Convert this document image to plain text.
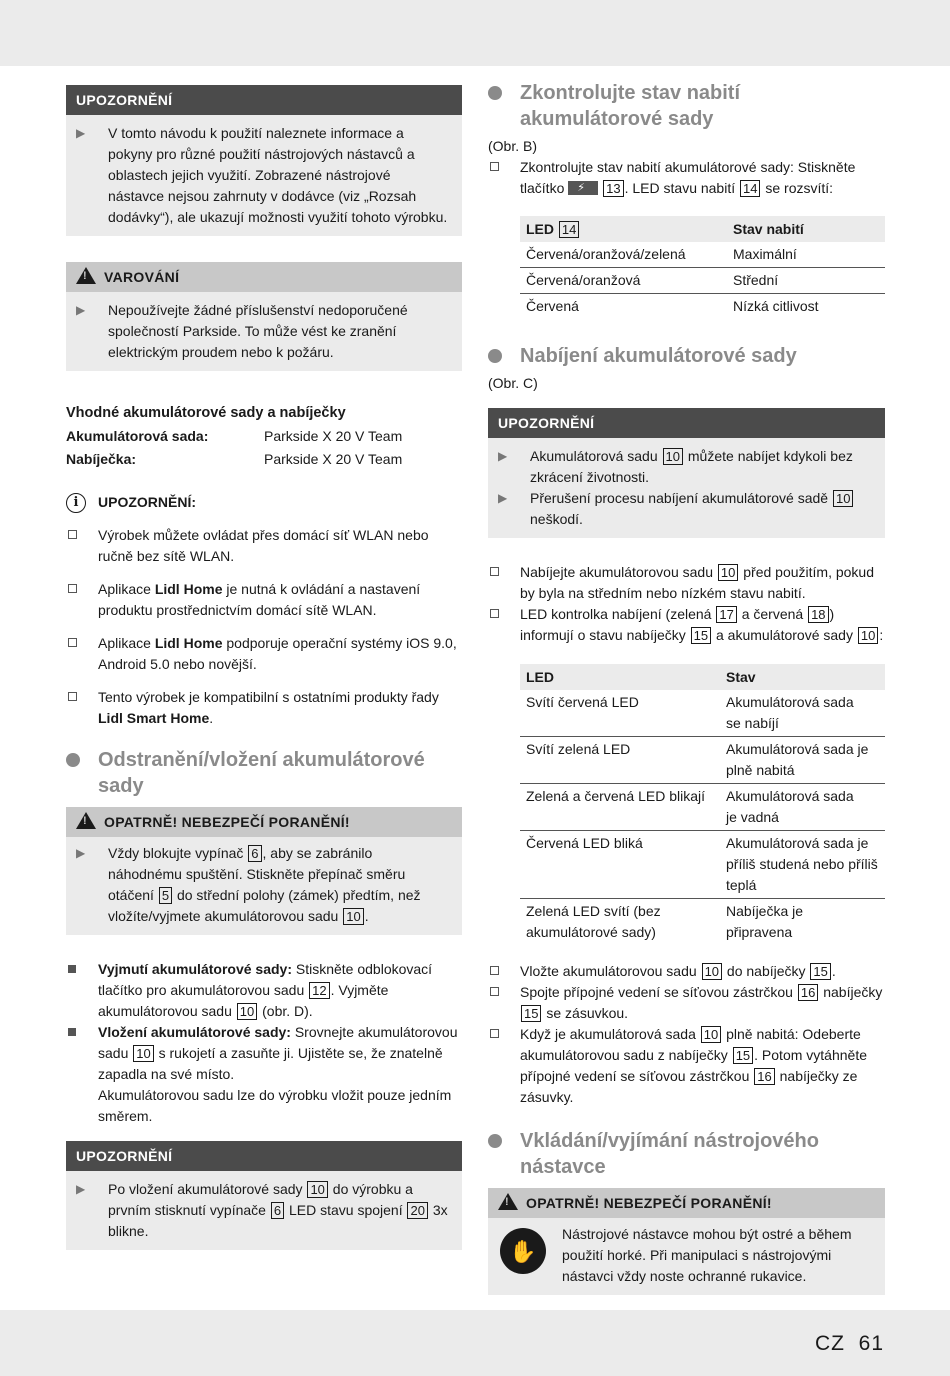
UPOZORNĚNÍ
▶	V tomto návodu k použití naleznete informace a pokyny pro různé použití nástrojových nástavců a oblastech jejich využití. Zobrazené nástrojové nástavce nejsou zahrnuty v dodávce (viz „Rozsah dodávky“), ale ukazují možnosti využití tohoto výrobku.
!VAROVÁNÍ
▶	Nepoužívejte žádné příslušenství nedoporučené společností Parkside. To může vést ke zranění elektrickým proudem nebo k požáru.
Vhodné akumulátorové sady a nabíječky
Akumulátorová sada:	Parkside X 20 V Team
Nabíječka:	Parkside X 20 V Team
i	UPOZORNĚNÍ:
Výrobek můžete ovládat přes domácí síť WLAN nebo ručně bez sítě WLAN.
Aplikace Lidl Home je nutná k ovládání a nastavení produktu prostřednictvím domácí sítě WLAN.
Aplikace Lidl Home podporuje operační systémy iOS 9.0, Android 5.0 nebo novější.
Tento výrobek je kompatibilní s ostatními produkty řady Lidl Smart Home.
Odstranění/vložení akumulátorové sady
!OPATRNĚ! NEBEZPEČÍ PORANĚNÍ!
▶	Vždy blokujte vypínač 6 , aby se zabránilo náhodnému spuštění. Stiskněte přepínač směru otáčení 5 do střední polohy (zámek) předtím, než vložíte/vyjmete akumulátorovou sadu 10 .
Vyjmutí akumulátorové sady: Stiskněte odblokovací tlačítko pro akumulátorovou sadu 12 . Vyjměte akumulátorovou sadu 10 (obr. D).
Vložení akumulátorové sady: Srovnejte akumulátorovou sadu 10 s rukojetí a zasuňte ji. Ujistěte se, že znatelně zapadla na své místo.
Akumulátorovou sadu lze do výrobku vložit pouze jedním směrem.
UPOZORNĚNÍ
▶	Po vložení akumulátorové sady 10 do výrobku a prvním stisknutí vypínače 6 LED stavu spojení 20 3x blikne.
Zkontrolujte stav nabití akumulátorové sady
(Obr. B)
Zkontrolujte stav nabití akumulátorové sady: Stiskněte tlačítko ⚡	13 . LED stavu nabití 14 se rozsvítí:
LED 14	Stav nabití
Červená/oranžová/zelená	Maximální
Červená/oranžová	Střední
Červená	Nízká citlivost
Nabíjení akumulátorové sady
(Obr. C)
UPOZORNĚNÍ
▶	Akumulátorová sadu 10 můžete nabíjet kdykoli bez zkrácení životnosti.
▶	Přerušení procesu nabíjení akumulátorové sadě 10 neškodí.
Nabíjejte akumulátorovou sadu 10 před použitím, pokud by byla na středním nebo nízkém stavu nabití.
LED kontrolka nabíjení (zelená 17 a červená 18 ) informují o stavu nabíječky 15 a akumulátorové sady 10 :
LED	Stav
Svítí červená LED	Akumulátorová sada se nabíjí
Svítí zelená LED	Akumulátorová sada je plně nabitá
Zelená a červená LED blikají	Akumulátorová sada je vadná
Červená LED bliká	Akumulátorová sada je příliš studená nebo příliš teplá
Zelená LED svítí (bez akumulátorové sady)	Nabíječka je připravena
Vložte akumulátorovou sadu 10 do nabíječky 15 .
Spojte přípojné vedení se síťovou zástrčkou 16 nabíječky 15 se zásuvkou.
Když je akumulátorová sada 10 plně nabitá: Odeberte akumulátorovou sadu z nabíječky 15 . Potom vytáhněte přípojné vedení se síťovou zástrčkou 16 nabíječky ze zásuvky.
Vkládání/vyjímání nástrojového nástavce
!OPATRNĚ! NEBEZPEČÍ PORANĚNÍ!
✋
Nástrojové nástavce mohou být ostré a během použití horké. Při manipulaci s nástrojovými nástavci vždy noste ochranné rukavice.
CZ 61
